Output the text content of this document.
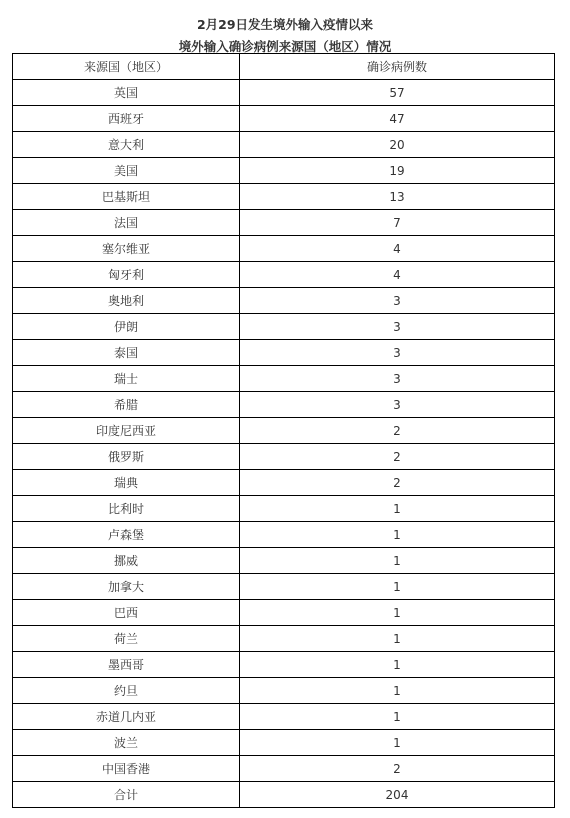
2月29日发生境外输入疫情以来
境外输入确诊病例来源国（地区）情况
来源国（地区）	确诊病例数
英国	57
西班牙	47
意大利	20
美国	19
巴基斯坦	13
法国	7
塞尔维亚	4
匈牙利	4
奥地利	3
伊朗	3
泰国	3
瑞士	3
希腊	3
印度尼西亚	2
俄罗斯	2
瑞典	2
比利时	1
卢森堡	1
挪威	1
加拿大	1
巴西	1
荷兰	1
墨西哥	1
约旦	1
赤道几内亚	1
波兰	1
中国香港	2
合计	204
